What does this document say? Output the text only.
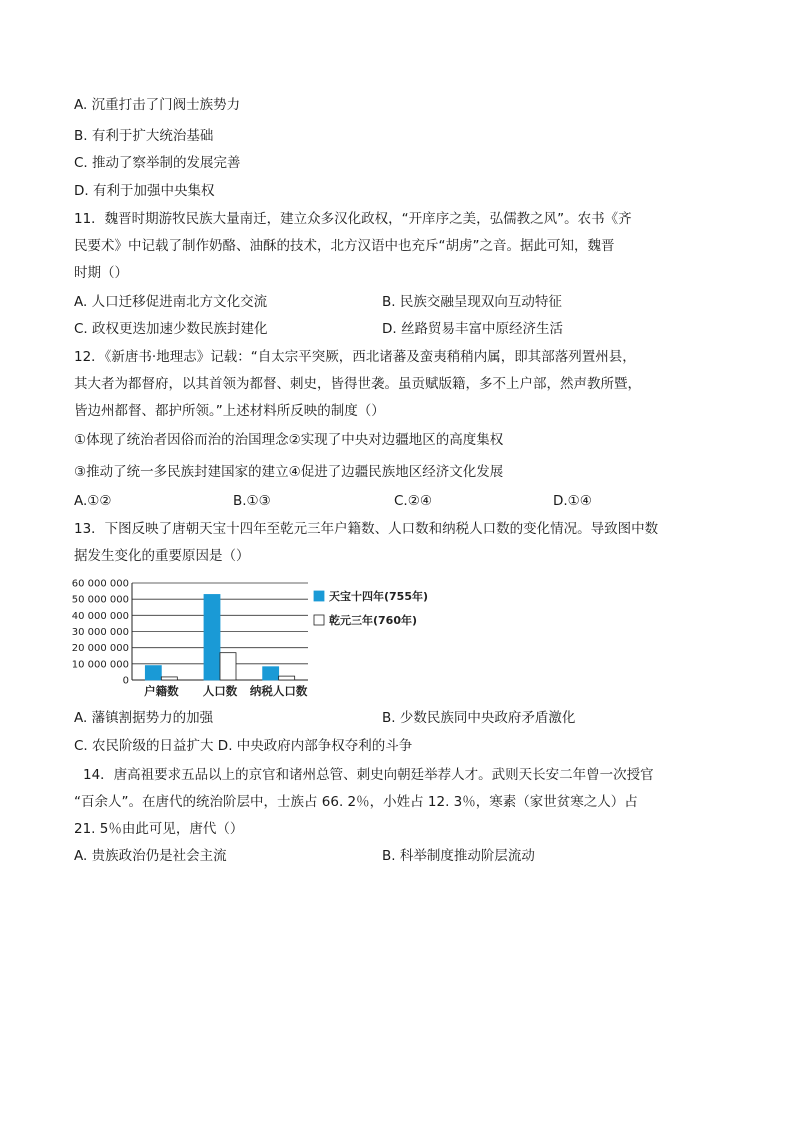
A. 沉重打击了门阀士族势力
B. 有利于扩大统治基础
C. 推动了察举制的发展完善
D. 有利于加强中央集权
11．魏晋时期游牧民族大量南迁，建立众多汉化政权，“开庠序之美，弘儒教之风”。农书《齐
民要术》中记载了制作奶酪、油酥的技术，北方汉语中也充斥“胡虏”之音。据此可知，魏晋
时期（）
A. 人口迁移促进南北方文化交流	B. 民族交融呈现双向互动特征
C. 政权更迭加速少数民族封建化	D. 丝路贸易丰富中原经济生活
12．《新唐书·地理志》记载：“自太宗平突厥，西北诸蕃及蛮夷稍稍内属，即其部落列置州县，
其大者为都督府，以其首领为都督、刺史，皆得世袭。虽贡赋版籍，多不上户部，然声教所暨，
皆边州都督、都护所领。”上述材料所反映的制度（）
①体现了统治者因俗而治的治国理念②实现了中央对边疆地区的高度集权
③推动了统一多民族封建国家的建立④促进了边疆民族地区经济文化发展
A.①②	B.①③	C.②④	D.①④
13．下图反映了唐朝天宝十四年至乾元三年户籍数、人口数和纳税人口数的变化情况。导致图中数
据发生变化的重要原因是（）
60 000 000
50 000 000
40 000 000
30 000 000
20 000 000
10 000 000
0
户籍数 人口数 纳税人口数
天宝十四年(755年)
乾元三年(760年)
A. 藩镇割据势力的加强	B. 少数民族同中央政府矛盾激化
C. 农民阶级的日益扩大 D. 中央政府内部争权夺利的斗争
14．唐高祖要求五品以上的京官和诸州总管、刺史向朝廷举荐人才。武则天长安二年曾一次授官
“百余人”。在唐代的统治阶层中，士族占 66. 2％，小姓占 12. 3％，寒素（家世贫寒之人）占
21. 5％由此可见，唐代（）
A. 贵族政治仍是社会主流	B. 科举制度推动阶层流动
